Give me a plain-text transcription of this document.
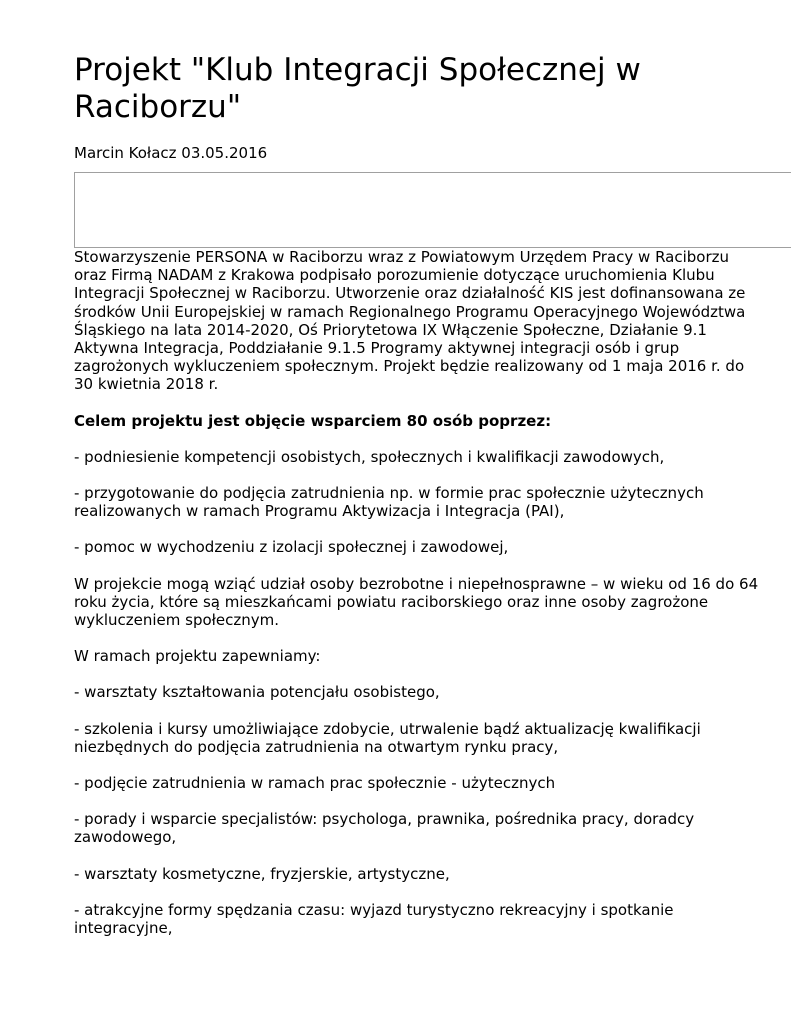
Projekt "Klub Integracji Społecznej w Raciborzu"
Marcin Kołacz 03.05.2016

Stowarzyszenie PERSONA w Raciborzu wraz z Powiatowym Urzędem Pracy w Raciborzu oraz Firmą NADAM z Krakowa podpisało porozumienie dotyczące uruchomienia Klubu Integracji Społecznej w Raciborzu. Utworzenie oraz działalność KIS jest dofinansowana ze środków Unii Europejskiej w ramach Regionalnego Programu Operacyjnego Województwa Śląskiego na lata 2014-2020, Oś Priorytetowa IX Włączenie Społeczne, Działanie 9.1 Aktywna Integracja, Poddziałanie 9.1.5 Programy aktywnej integracji osób i grup zagrożonych wykluczeniem społecznym. Projekt będzie realizowany od 1 maja 2016 r. do 30 kwietnia 2018 r.

Celem projektu jest objęcie wsparciem 80 osób poprzez:

- podniesienie kompetencji osobistych, społecznych i kwalifikacji zawodowych,

- przygotowanie do podjęcia zatrudnienia np. w formie prac społecznie użytecznych realizowanych w ramach Programu Aktywizacja i Integracja (PAI),

- pomoc w wychodzeniu z izolacji społecznej i zawodowej,

W projekcie mogą wziąć udział osoby bezrobotne i niepełnosprawne – w wieku od 16 do 64 roku życia, które są mieszkańcami powiatu raciborskiego oraz inne osoby zagrożone wykluczeniem społecznym.

W ramach projektu zapewniamy:

- warsztaty kształtowania potencjału osobistego,

- szkolenia i kursy umożliwiające zdobycie, utrwalenie bądź aktualizację kwalifikacji niezbędnych do podjęcia zatrudnienia na otwartym rynku pracy,

- podjęcie zatrudnienia w ramach prac społecznie - użytecznych

- porady i wsparcie specjalistów: psychologa, prawnika, pośrednika pracy, doradcy zawodowego,

- warsztaty kosmetyczne, fryzjerskie, artystyczne,

- atrakcyjne formy spędzania czasu: wyjazd turystyczno rekreacyjny i spotkanie integracyjne,
